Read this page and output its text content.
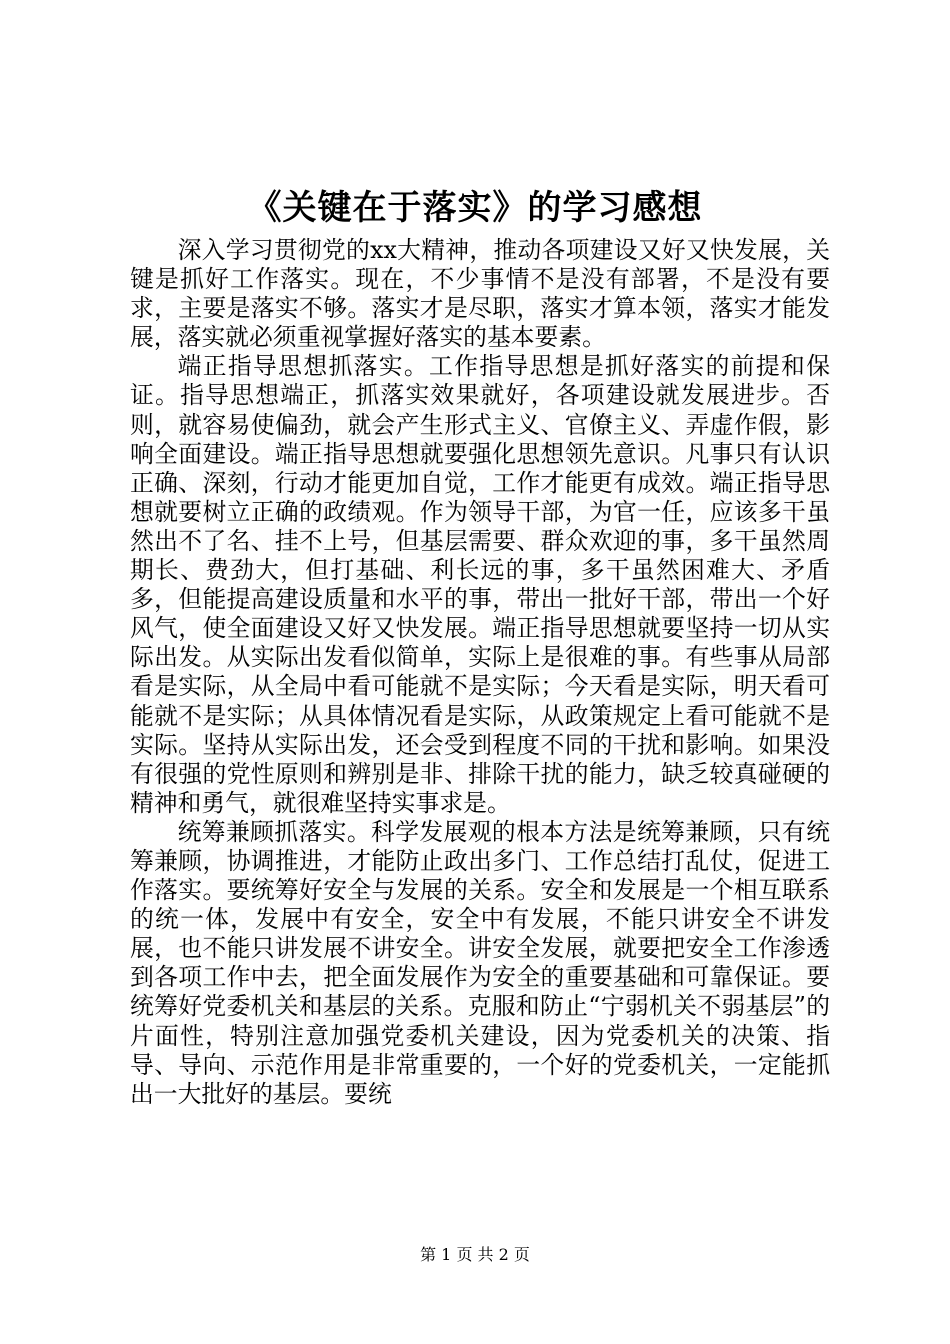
《关键在于落实》的学习感想

深入学习贯彻党的xx大精神，推动各项建设又好又快发展，关键是抓好工作落实。现在，不少事情不是没有部署，不是没有要求，主要是落实不够。落实才是尽职，落实才算本领，落实才能发展，落实就必须重视掌握好落实的基本要素。

端正指导思想抓落实。工作指导思想是抓好落实的前提和保证。指导思想端正，抓落实效果就好，各项建设就发展进步。否则，就容易使偏劲，就会产生形式主义、官僚主义、弄虚作假，影响全面建设。端正指导思想就要强化思想领先意识。凡事只有认识正确、深刻，行动才能更加自觉，工作才能更有成效。端正指导思想就要树立正确的政绩观。作为领导干部，为官一任，应该多干虽然出不了名、挂不上号，但基层需要、群众欢迎的事，多干虽然周期长、费劲大，但打基础、利长远的事，多干虽然困难大、矛盾多，但能提高建设质量和水平的事，带出一批好干部，带出一个好风气，使全面建设又好又快发展。端正指导思想就要坚持一切从实际出发。从实际出发看似简单，实际上是很难的事。有些事从局部看是实际，从全局中看可能就不是实际；今天看是实际，明天看可能就不是实际；从具体情况看是实际，从政策规定上看可能就不是实际。坚持从实际出发，还会受到程度不同的干扰和影响。如果没有很强的党性原则和辨别是非、排除干扰的能力，缺乏较真碰硬的精神和勇气，就很难坚持实事求是。

统筹兼顾抓落实。科学发展观的根本方法是统筹兼顾，只有统筹兼顾，协调推进，才能防止政出多门、工作总结打乱仗，促进工作落实。要统筹好安全与发展的关系。安全和发展是一个相互联系的统一体，发展中有安全，安全中有发展，不能只讲安全不讲发展，也不能只讲发展不讲安全。讲安全发展，就要把安全工作渗透到各项工作中去，把全面发展作为安全的重要基础和可靠保证。要统筹好党委机关和基层的关系。克服和防止“宁弱机关不弱基层”的片面性，特别注意加强党委机关建设，因为党委机关的决策、指导、导向、示范作用是非常重要的，一个好的党委机关，一定能抓出一大批好的基层。要统

第 1 页 共 2 页
